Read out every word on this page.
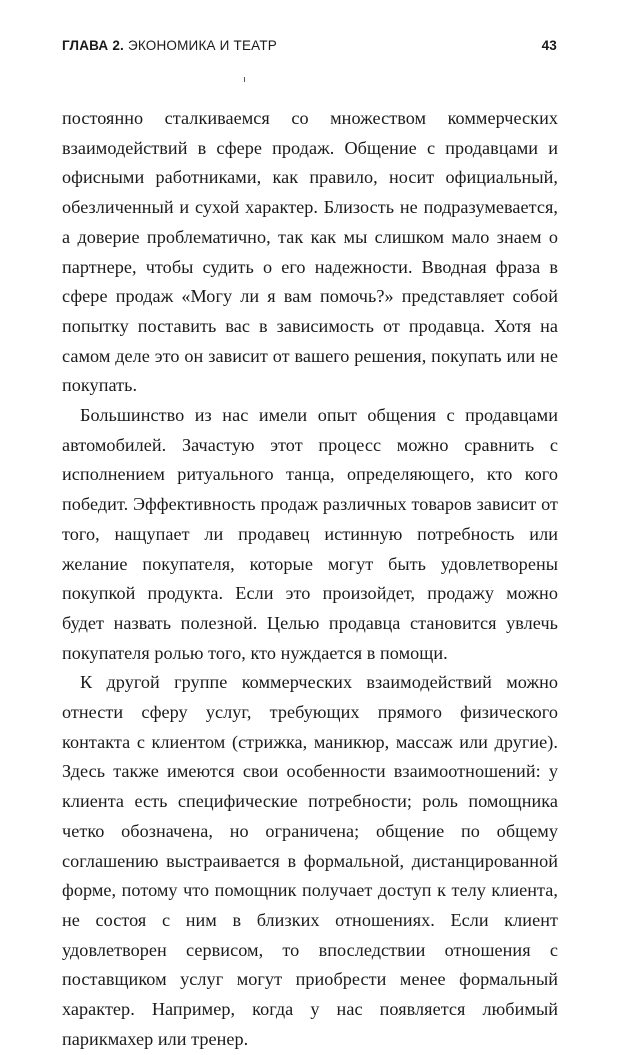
ГЛАВА 2. ЭКОНОМИКА И ТЕАТР	43

постоянно сталкиваемся со множеством коммерческих взаимодействий в сфере продаж. Общение с продавцами и офисными работниками, как правило, носит официальный, обезличенный и сухой характер. Близость не подразумевается, а доверие проблематично, так как мы слишком мало знаем о партнере, чтобы судить о его надежности. Вводная фраза в сфере продаж «Могу ли я вам помочь?» представляет собой попытку поставить вас в зависимость от продавца. Хотя на самом деле это он зависит от вашего решения, покупать или не покупать.

Большинство из нас имели опыт общения с продавцами автомобилей. Зачастую этот процесс можно сравнить с исполнением ритуального танца, определяющего, кто кого победит. Эффективность продаж различных товаров зависит от того, нащупает ли продавец истинную потребность или желание покупателя, которые могут быть удовлетворены покупкой продукта. Если это произойдет, продажу можно будет назвать полезной. Целью продавца становится увлечь покупателя ролью того, кто нуждается в помощи.

К другой группе коммерческих взаимодействий можно отнести сферу услуг, требующих прямого физического контакта с клиентом (стрижка, маникюр, массаж или другие). Здесь также имеются свои особенности взаимоотношений: у клиента есть специфические потребности; роль помощника четко обозначена, но ограничена; общение по общему соглашению выстраивается в формальной, дистанцированной форме, потому что помощник получает доступ к телу клиента, не состоя с ним в близких отношениях. Если клиент удовлетворен сервисом, то впоследствии отношения с поставщиком услуг могут приобрести менее формальный характер. Например, когда у нас появляется любимый парикмахер или тренер.
